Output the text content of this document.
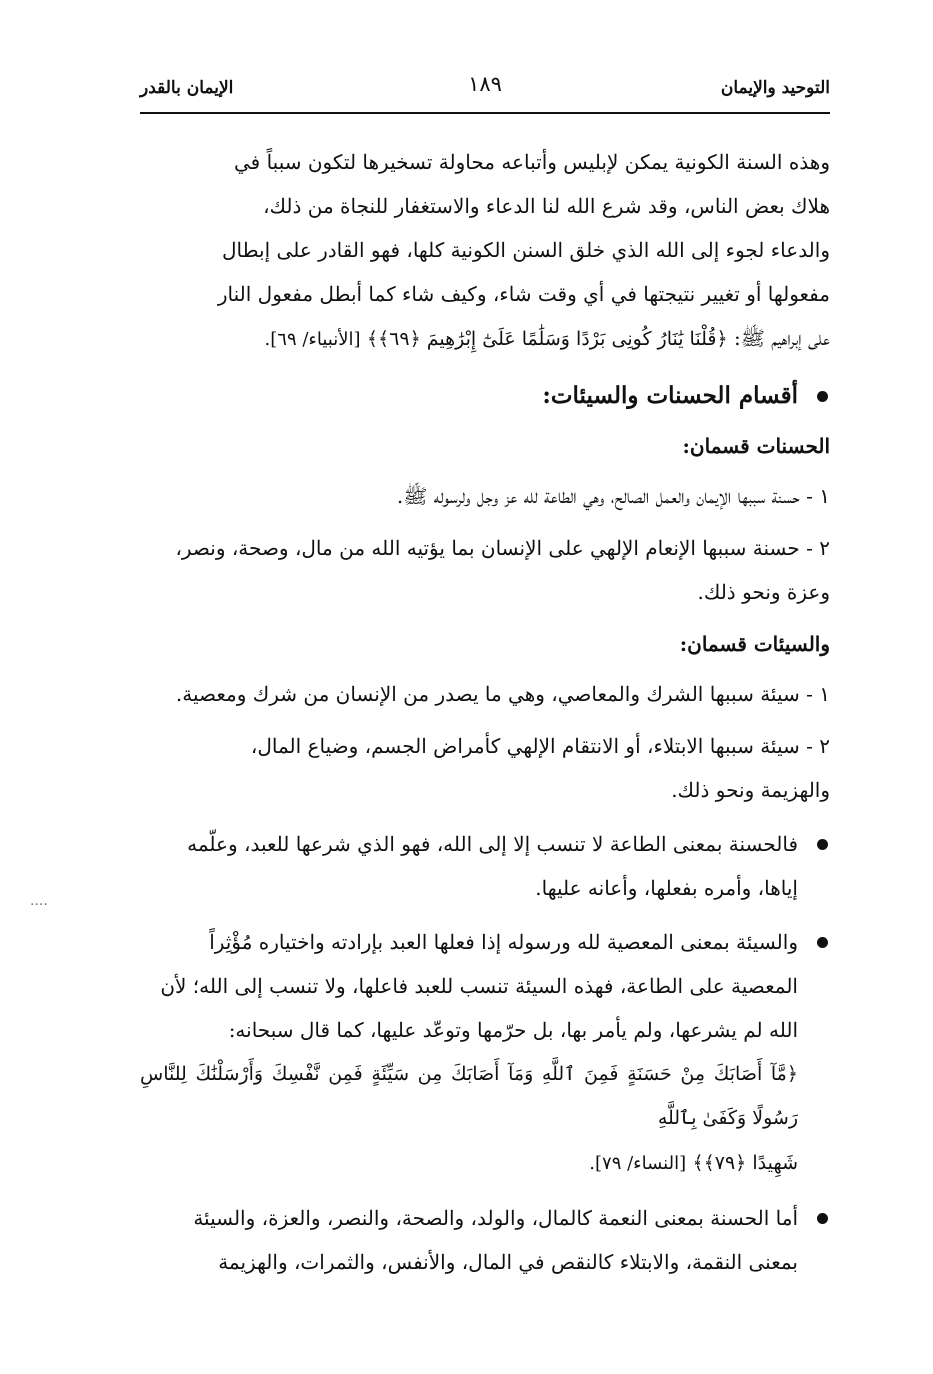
التوحيد والإيمان
١٨٩
الإيمان بالقدر
وهذه السنة الكونية يمكن لإبليس وأتباعه محاولة تسخيرها لتكون سبباً في
هلاك بعض الناس، وقد شرع الله لنا الدعاء والاستغفار للنجاة من ذلك،
والدعاء لجوء إلى الله الذي خلق السنن الكونية كلها، فهو القادر على إبطال
مفعولها أو تغيير نتيجتها في أي وقت شاء، وكيف شاء كما أبطل مفعول النار
على إبراهيم ﷺ: ﴿قُلْنَا يَٰنَارُ كُونِى بَرْدًا وَسَلَٰمًا عَلَىٰٓ إِبْرَٰهِيمَ ﴿٦٩﴾﴾ [الأنبياء/ ٦٩].
أقسام الحسنات والسيئات:
الحسنات قسمان:
١ - حسنة سببها الإيمان والعمل الصالح، وهي الطاعة لله عز وجل ولرسوله ﷺ.
٢ - حسنة سببها الإنعام الإلهي على الإنسان بما يؤتيه الله من مال، وصحة، ونصر،
وعزة ونحو ذلك.
والسيئات قسمان:
١ - سيئة سببها الشرك والمعاصي، وهي ما يصدر من الإنسان من شرك ومعصية.
٢ - سيئة سببها الابتلاء، أو الانتقام الإلهي كأمراض الجسم، وضياع المال،
والهزيمة ونحو ذلك.
فالحسنة بمعنى الطاعة لا تنسب إلا إلى الله، فهو الذي شرعها للعبد، وعلّمه
إياها، وأمره بفعلها، وأعانه عليها.
والسيئة بمعنى المعصية لله ورسوله إذا فعلها العبد بإرادته واختياره مُؤْثِراً
المعصية على الطاعة، فهذه السيئة تنسب للعبد فاعلها، ولا تنسب إلى الله؛ لأن
الله لم يشرعها، ولم يأمر بها، بل حرّمها وتوعّد عليها، كما قال سبحانه:
﴿مَّآ أَصَابَكَ مِنْ حَسَنَةٍ فَمِنَ ٱللَّهِ وَمَآ أَصَابَكَ مِن سَيِّئَةٍ فَمِن نَّفْسِكَ وَأَرْسَلْنَٰكَ لِلنَّاسِ رَسُولًا وَكَفَىٰ بِٱللَّهِ
شَهِيدًا ﴿٧٩﴾﴾ [النساء/ ٧٩].
أما الحسنة بمعنى النعمة كالمال، والولد، والصحة، والنصر، والعزة، والسيئة
بمعنى النقمة، والابتلاء كالنقص في المال، والأنفس، والثمرات، والهزيمة
....
